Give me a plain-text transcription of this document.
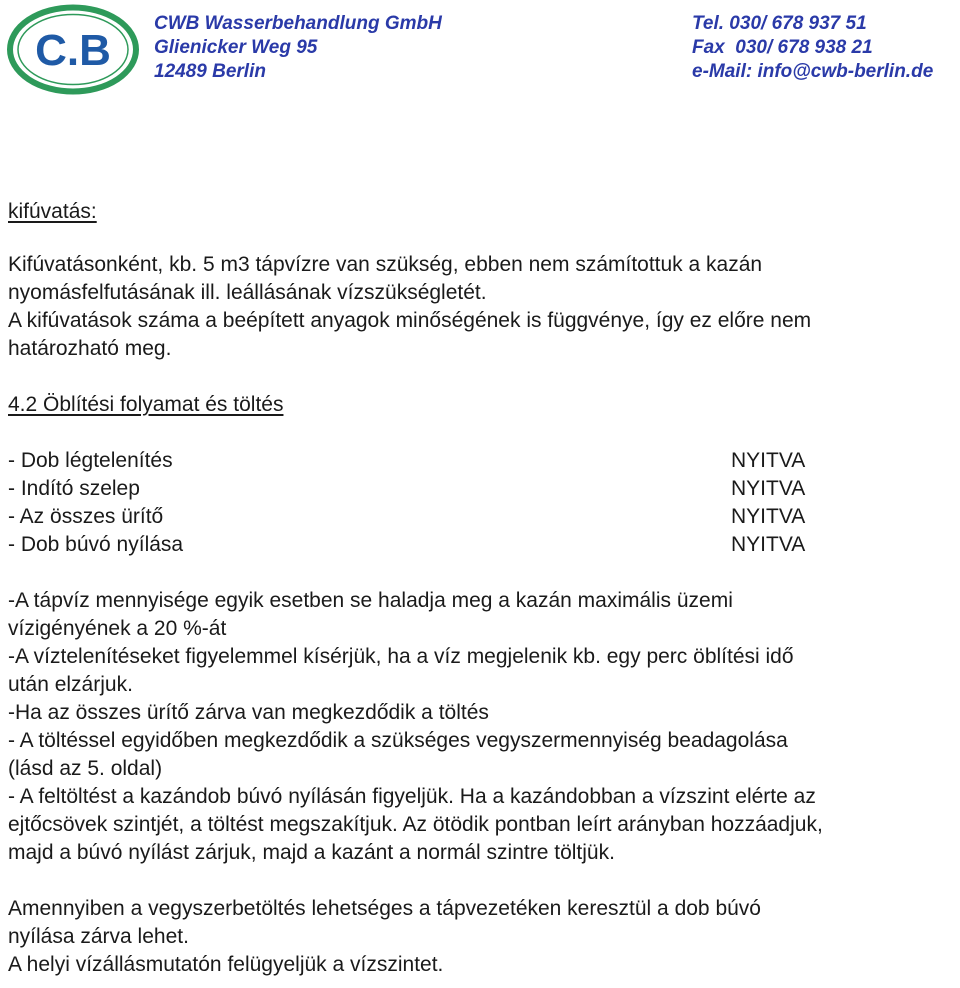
C.B
CWB Wasserbehandlung GmbH
Glienicker Weg 95
12489 Berlin
Tel. 030/ 678 937 51
Fax  030/ 678 938 21
e-Mail: info@cwb-berlin.de

kifúvatás:

Kifúvatásonként, kb. 5 m3 tápvízre van szükség, ebben nem számítottuk a kazán

nyomásfelfutásának ill. leállásának vízszükségletét.

A kifúvatások száma a beépített anyagok minőségének is függvénye, így ez előre nem

határozható meg.

4.2 Öblítési folyamat és töltés

- Dob légtelenítés	NYITVA
- Indító szelep	NYITVA
- Az összes ürítő	NYITVA
- Dob búvó nyílása	NYITVA

-A tápvíz mennyisége egyik esetben se haladja meg a kazán maximális üzemi

vízigényének a 20 %-át

-A víztelenítéseket figyelemmel kísérjük, ha a víz megjelenik kb. egy perc öblítési idő

után elzárjuk.

-Ha az összes ürítő zárva van megkezdődik a töltés

- A töltéssel egyidőben megkezdődik a szükséges vegyszermennyiség beadagolása

(lásd az 5. oldal)

- A feltöltést a kazándob búvó nyílásán figyeljük. Ha a kazándobban a vízszint elérte az

ejtőcsövek szintjét, a töltést megszakítjuk. Az ötödik pontban leírt arányban hozzáadjuk,

majd a búvó nyílást zárjuk, majd a kazánt a normál szintre töltjük.

Amennyiben a vegyszerbetöltés lehetséges a tápvezetéken keresztül a dob búvó

nyílása zárva lehet.

A helyi vízállásmutatón felügyeljük a vízszintet.
